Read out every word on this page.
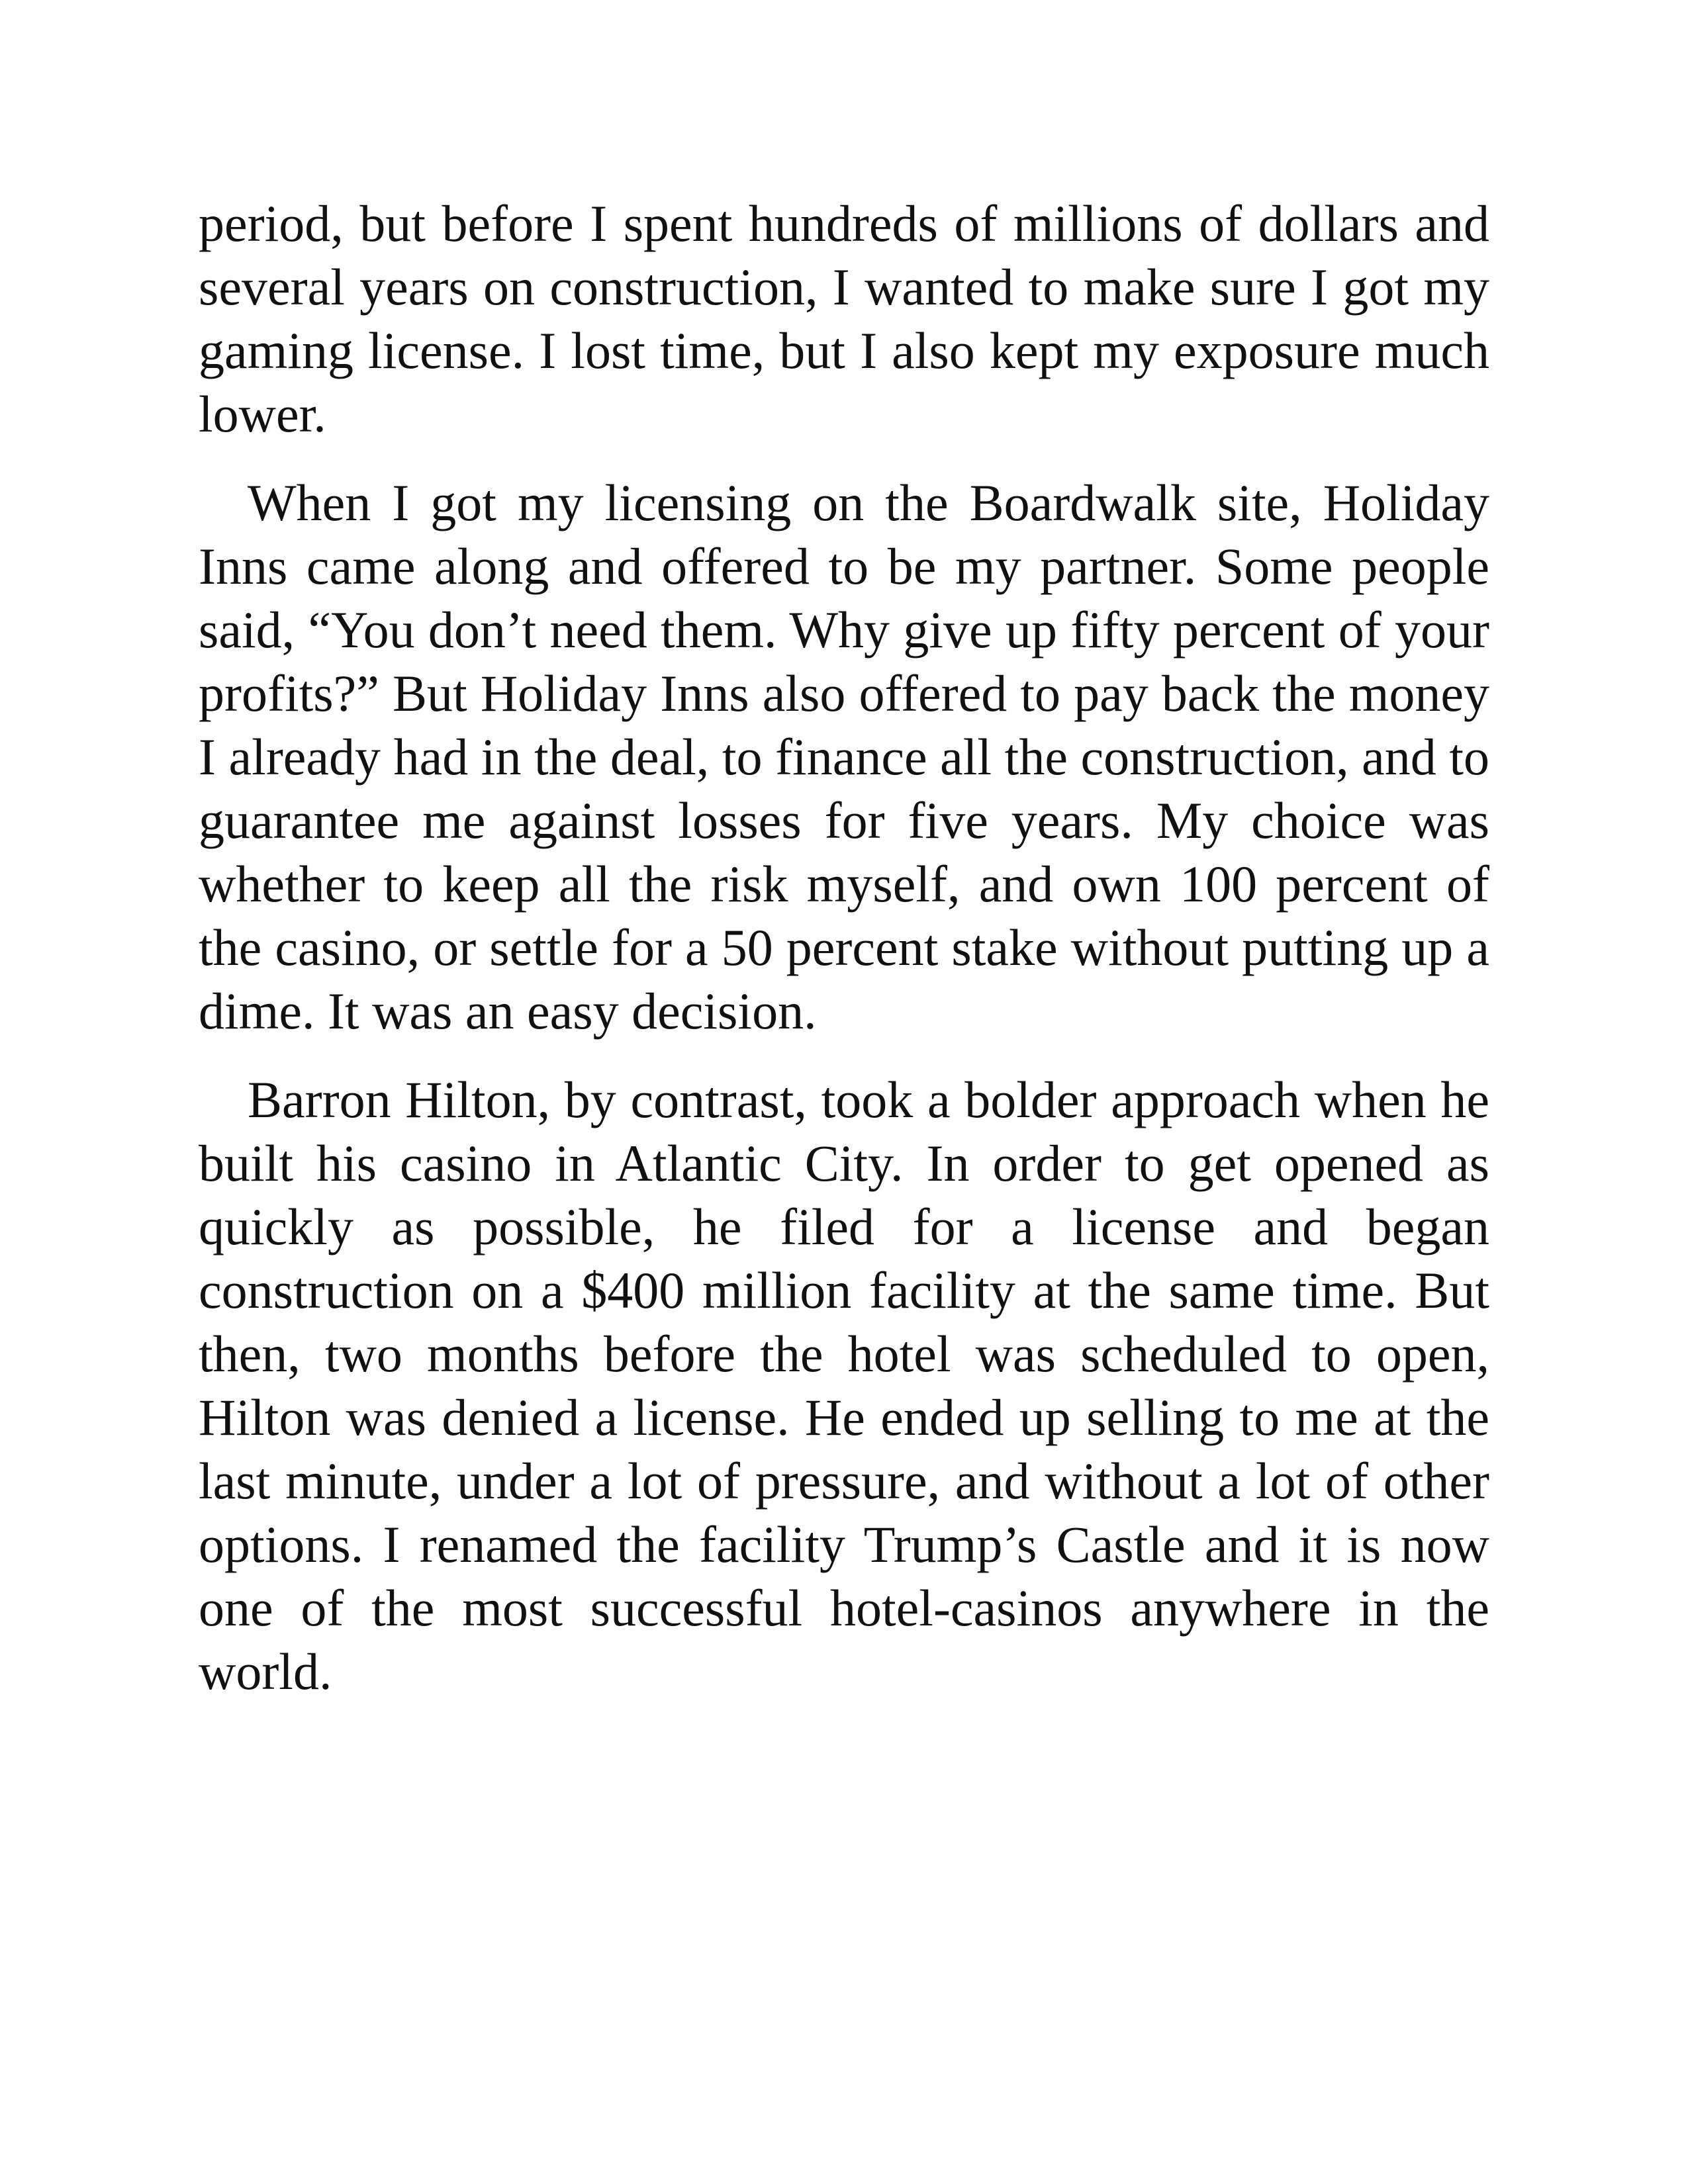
period, but before I spent hundreds of millions of dollars and several years on construction, I wanted to make sure I got my gaming license. I lost time, but I also kept my exposure much lower.

When I got my licensing on the Boardwalk site, Holiday Inns came along and offered to be my partner. Some people said, “You don’t need them. Why give up fifty percent of your profits?” But Holiday Inns also offered to pay back the money I already had in the deal, to finance all the construction, and to guarantee me against losses for five years. My choice was whether to keep all the risk myself, and own 100 percent of the casino, or settle for a 50 percent stake without putting up a dime. It was an easy decision.

Barron Hilton, by contrast, took a bolder approach when he built his casino in Atlantic City. In order to get opened as quickly as possible, he filed for a license and began construction on a $400 million facility at the same time. But then, two months before the hotel was scheduled to open, Hilton was denied a license. He ended up selling to me at the last minute, under a lot of pressure, and without a lot of other options. I renamed the facility Trump’s Castle and it is now one of the most successful hotel-casinos anywhere in the world.
